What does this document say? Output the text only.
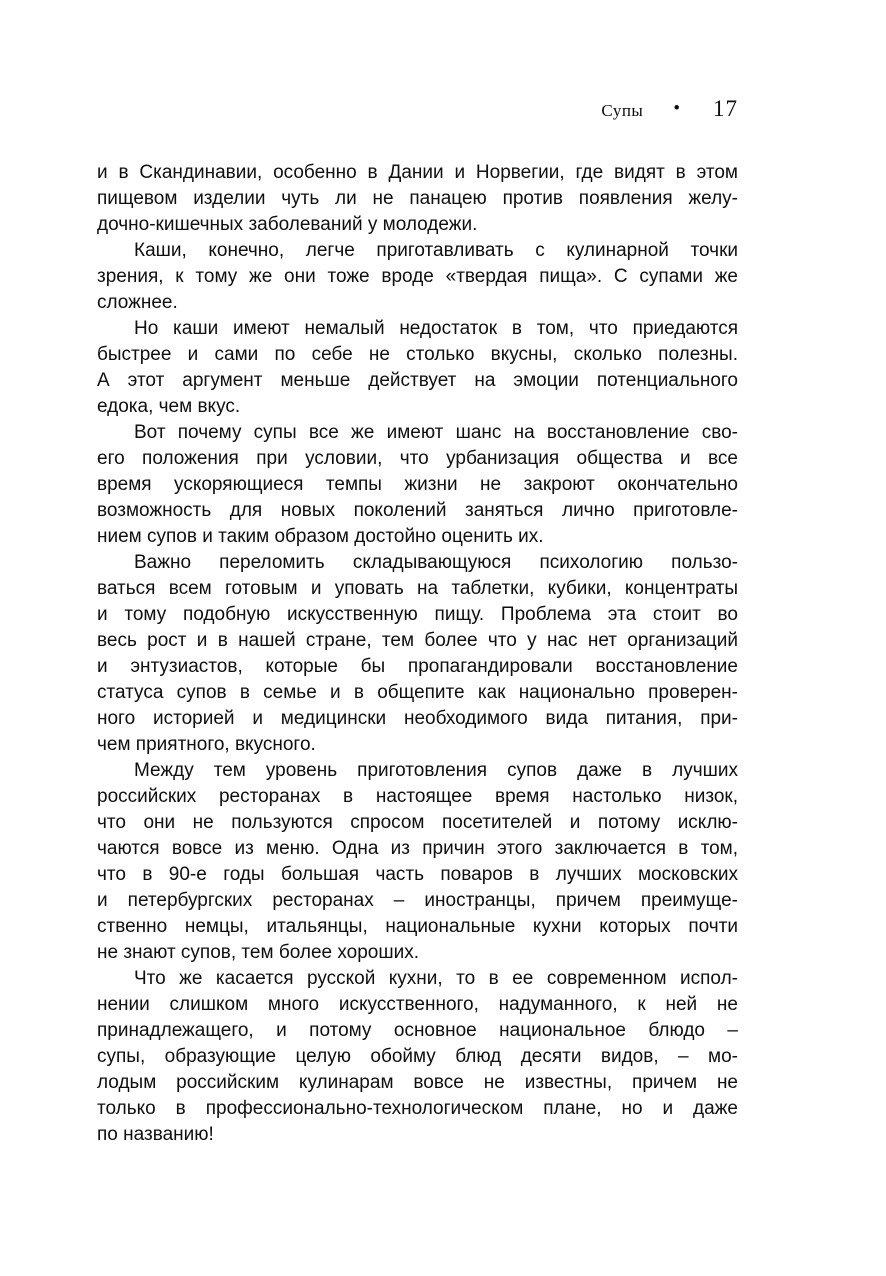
Супы • 17
и в Скандинавии, особенно в Дании и Норвегии, где видят в этом
пищевом изделии чуть ли не панацею против появления желу-
дочно-кишечных заболеваний у молодежи.
Каши, конечно, легче приготавливать с кулинарной точки
зрения, к тому же они тоже вроде «твердая пища». С супами же
сложнее.
Но каши имеют немалый недостаток в том, что приедаются
быстрее и сами по себе не столько вкусны, сколько полезны.
А этот аргумент меньше действует на эмоции потенциального
едока, чем вкус.
Вот почему супы все же имеют шанс на восстановление сво-
его положения при условии, что урбанизация общества и все
время ускоряющиеся темпы жизни не закроют окончательно
возможность для новых поколений заняться лично приготовле-
нием супов и таким образом достойно оценить их.
Важно переломить складывающуюся психологию пользо-
ваться всем готовым и уповать на таблетки, кубики, концентраты
и тому подобную искусственную пищу. Проблема эта стоит во
весь рост и в нашей стране, тем более что у нас нет организаций
и энтузиастов, которые бы пропагандировали восстановление
статуса супов в семье и в общепите как национально проверен-
ного историей и медицински необходимого вида питания, при-
чем приятного, вкусного.
Между тем уровень приготовления супов даже в лучших
российских ресторанах в настоящее время настолько низок,
что они не пользуются спросом посетителей и потому исклю-
чаются вовсе из меню. Одна из причин этого заключается в том,
что в 90-е годы большая часть поваров в лучших московских
и петербургских ресторанах – иностранцы, причем преимуще-
ственно немцы, итальянцы, национальные кухни которых почти
не знают супов, тем более хороших.
Что же касается русской кухни, то в ее современном испол-
нении слишком много искусственного, надуманного, к ней не
принадлежащего, и потому основное национальное блюдо –
супы, образующие целую обойму блюд десяти видов, – мо-
лодым российским кулинарам вовсе не известны, причем не
только в профессионально-технологическом плане, но и даже
по названию!
